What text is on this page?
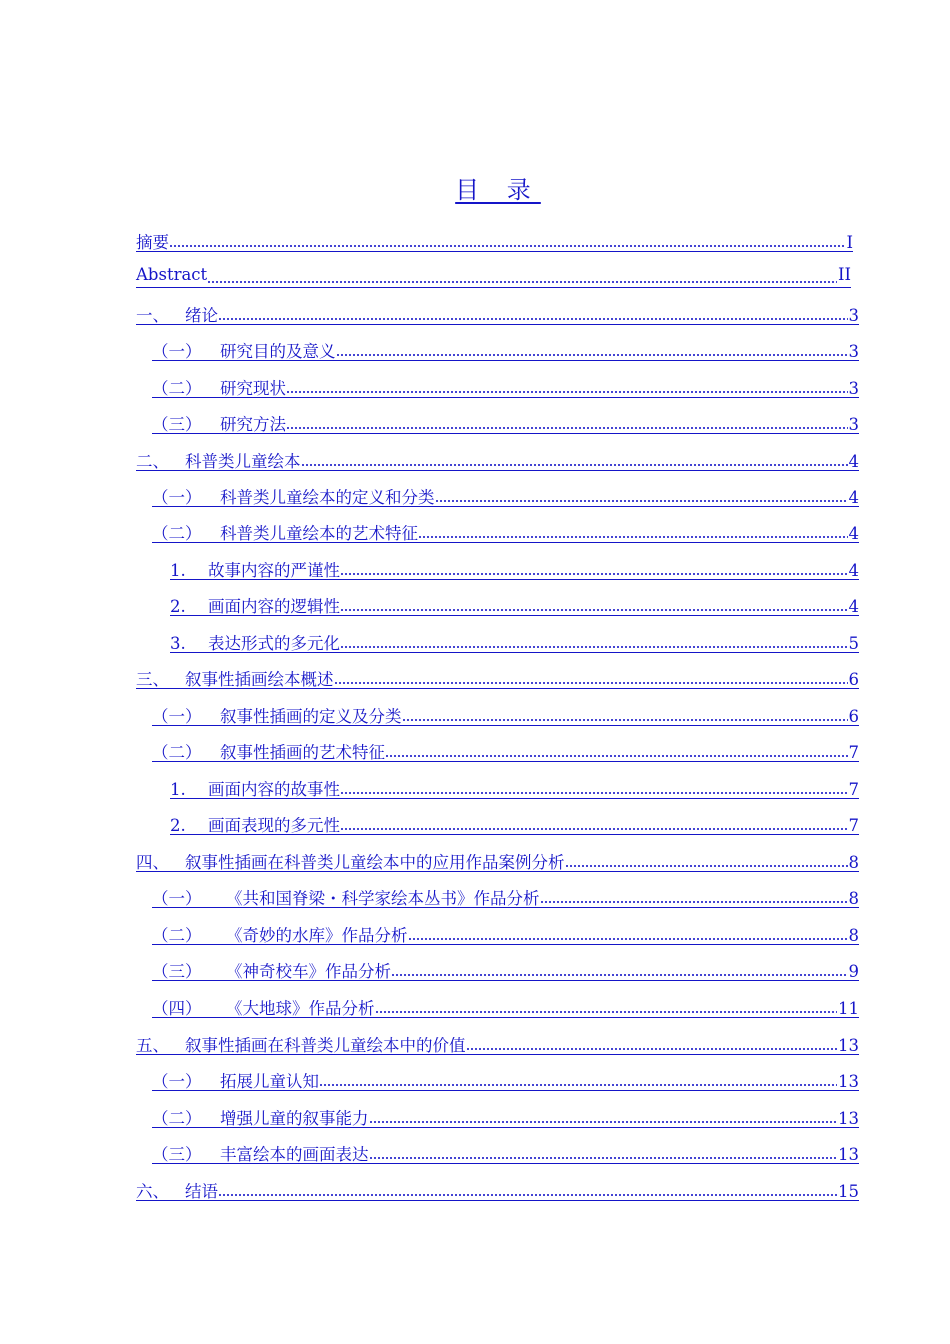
目 录
摘要	I
Abstract	II
一、 绪论	3
（一）	研究目的及意义	3
（二）	研究现状	3
（三）	研究方法	3
二、 科普类儿童绘本	4
（一）	科普类儿童绘本的定义和分类	4
（二）	科普类儿童绘本的艺术特征	4
1.	故事内容的严谨性	4
2.	画面内容的逻辑性	4
3.	表达形式的多元化	5
三、 叙事性插画绘本概述	6
（一）	叙事性插画的定义及分类	6
（二）	叙事性插画的艺术特征	7
1.	画面内容的故事性	7
2.	画面表现的多元性	7
四、 叙事性插画在科普类儿童绘本中的应用作品案例分析	8
（一）	《共和国脊梁・科学家绘本丛书》作品分析	8
（二）	《奇妙的水库》作品分析	8
（三）	《神奇校车》作品分析	9
（四）	《大地球》作品分析	11
五、 叙事性插画在科普类儿童绘本中的价值	13
（一）	拓展儿童认知	13
（二）	增强儿童的叙事能力	13
（三）	丰富绘本的画面表达	13
六、 结语	15
